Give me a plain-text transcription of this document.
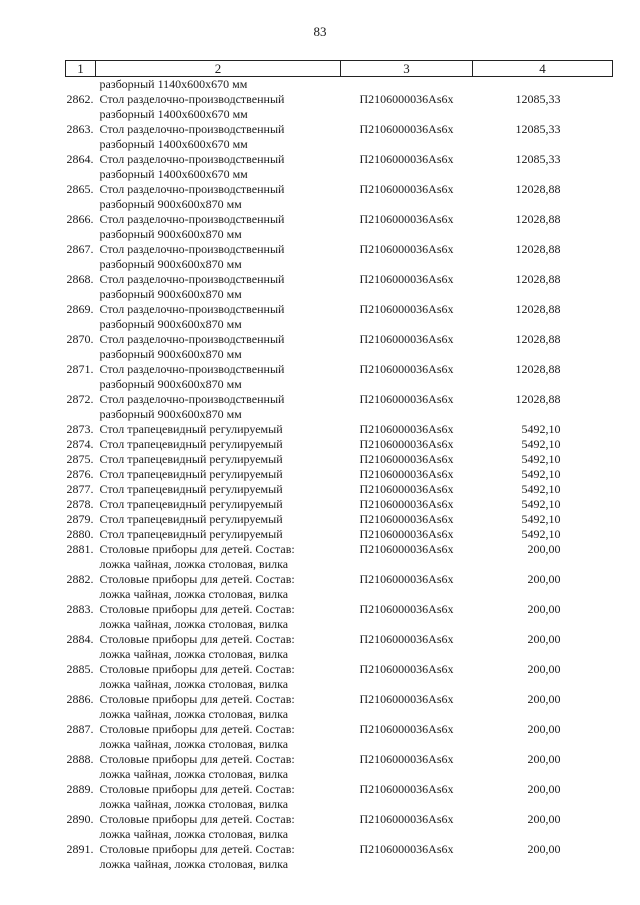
83
1	2	3	4
	разборный 1140х600х670 мм		
2862.	Стол разделочно-производственный
разборный 1400х600х670 мм	П2106000036Аѕ6х	12085,33
2863.	Стол разделочно-производственный
разборный 1400х600х670 мм	П2106000036Аѕ6х	12085,33
2864.	Стол разделочно-производственный
разборный 1400х600х670 мм	П2106000036Аѕ6х	12085,33
2865.	Стол разделочно-производственный
разборный 900х600х870 мм	П2106000036Аѕ6х	12028,88
2866.	Стол разделочно-производственный
разборный 900х600х870 мм	П2106000036Аѕ6х	12028,88
2867.	Стол разделочно-производственный
разборный 900х600х870 мм	П2106000036Аѕ6х	12028,88
2868.	Стол разделочно-производственный
разборный 900х600х870 мм	П2106000036Аѕ6х	12028,88
2869.	Стол разделочно-производственный
разборный 900х600х870 мм	П2106000036Аѕ6х	12028,88
2870.	Стол разделочно-производственный
разборный 900х600х870 мм	П2106000036Аѕ6х	12028,88
2871.	Стол разделочно-производственный
разборный 900х600х870 мм	П2106000036Аѕ6х	12028,88
2872.	Стол разделочно-производственный
разборный 900х600х870 мм	П2106000036Аѕ6х	12028,88
2873.	Стол трапецевидный регулируемый	П2106000036Аѕ6х	5492,10
2874.	Стол трапецевидный регулируемый	П2106000036Аѕ6х	5492,10
2875.	Стол трапецевидный регулируемый	П2106000036Аѕ6х	5492,10
2876.	Стол трапецевидный регулируемый	П2106000036Аѕ6х	5492,10
2877.	Стол трапецевидный регулируемый	П2106000036Аѕ6х	5492,10
2878.	Стол трапецевидный регулируемый	П2106000036Аѕ6х	5492,10
2879.	Стол трапецевидный регулируемый	П2106000036Аѕ6х	5492,10
2880.	Стол трапецевидный регулируемый	П2106000036Аѕ6х	5492,10
2881.	Столовые приборы для детей. Состав:
ложка чайная, ложка столовая, вилка	П2106000036Аѕ6х	200,00
2882.	Столовые приборы для детей. Состав:
ложка чайная, ложка столовая, вилка	П2106000036Аѕ6х	200,00
2883.	Столовые приборы для детей. Состав:
ложка чайная, ложка столовая, вилка	П2106000036Аѕ6х	200,00
2884.	Столовые приборы для детей. Состав:
ложка чайная, ложка столовая, вилка	П2106000036Аѕ6х	200,00
2885.	Столовые приборы для детей. Состав:
ложка чайная, ложка столовая, вилка	П2106000036Аѕ6х	200,00
2886.	Столовые приборы для детей. Состав:
ложка чайная, ложка столовая, вилка	П2106000036Аѕ6х	200,00
2887.	Столовые приборы для детей. Состав:
ложка чайная, ложка столовая, вилка	П2106000036Аѕ6х	200,00
2888.	Столовые приборы для детей. Состав:
ложка чайная, ложка столовая, вилка	П2106000036Аѕ6х	200,00
2889.	Столовые приборы для детей. Состав:
ложка чайная, ложка столовая, вилка	П2106000036Аѕ6х	200,00
2890.	Столовые приборы для детей. Состав:
ложка чайная, ложка столовая, вилка	П2106000036Аѕ6х	200,00
2891.	Столовые приборы для детей. Состав:
ложка чайная, ложка столовая, вилка	П2106000036Аѕ6х	200,00
